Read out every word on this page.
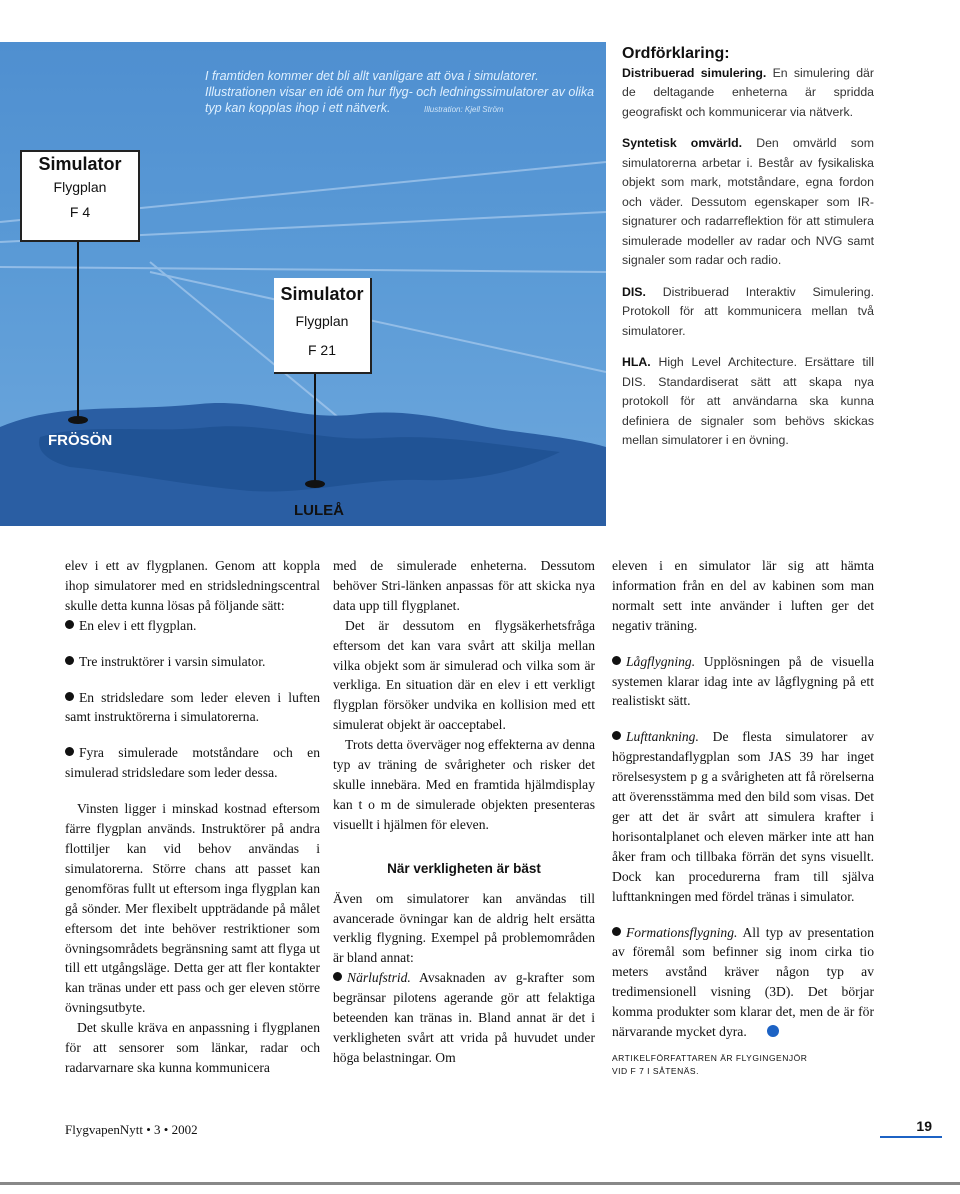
I framtiden kommer det bli allt vanligare att öva i simulatorer. Illustrationen visar en idé om hur flyg- och ledningssimulatorer av olika typ kan kopplas ihop i ett nätverk.	Illustration: Kjell Ström
Simulator
Flygplan
F 4
Simulator
Flygplan
F 21
FRÖSÖN
LULEÅ
Ordförklaring:

Distribuerad simulering. En simulering där de deltagande enheterna är spridda geografiskt och kommunicerar via nätverk.

Syntetisk omvärld. Den omvärld som simulatorerna arbetar i. Består av fysikaliska objekt som mark, motståndare, egna fordon och väder. Dessutom egenskaper som IR-signaturer och radarreflektion för att stimulera simulerade modeller av radar och NVG samt signaler som radar och radio.

DIS. Distribuerad Interaktiv Simulering. Protokoll för att kommunicera mellan två simulatorer.

HLA. High Level Architecture. Ersättare till DIS. Standardiserat sätt att skapa nya protokoll för att användarna ska kunna definiera de signaler som behövs skickas mellan simulatorer i en övning.

elev i ett av flygplanen. Genom att koppla ihop simulatorer med en stridsledningscentral skulle detta kunna lösas på följande sätt:

En elev i ett flygplan.

Tre instruktörer i varsin simulator.

En stridsledare som leder eleven i luften samt instruktörerna i simulatorerna.

Fyra simulerade motståndare och en simulerad stridsledare som leder dessa.

Vinsten ligger i minskad kostnad eftersom färre flygplan används. Instruktörer på andra flottiljer kan vid behov användas i simulatorerna. Större chans att passet kan genomföras fullt ut eftersom inga flygplan kan gå sönder. Mer flexibelt uppträdande på målet eftersom det inte behöver restriktioner som övningsområdets begränsning samt att flyga ut till ett utgångsläge. Detta ger att fler kontakter kan tränas under ett pass och ger eleven större övningsutbyte.

Det skulle kräva en anpassning i flygplanen för att sensorer som länkar, radar och radarvarnare ska kunna kommunicera

med de simulerade enheterna. Dessutom behöver Stri-länken anpassas för att skicka nya data upp till flygplanet.

Det är dessutom en flygsäkerhetsfråga eftersom det kan vara svårt att skilja mellan vilka objekt som är simulerad och vilka som är verkliga. En situation där en elev i ett verkligt flygplan försöker undvika en kollision med ett simulerat objekt är oacceptabel.

Trots detta överväger nog effekterna av denna typ av träning de svårigheter och risker det skulle innebära. Med en framtida hjälmdisplay kan t o m de simulerade objekten presenteras visuellt i hjälmen för eleven.

När verkligheten är bäst

Även om simulatorer kan användas till avancerade övningar kan de aldrig helt ersätta verklig flygning. Exempel på problemområden är bland annat:

Närlufstrid. Avsaknaden av g-krafter som begränsar pilotens agerande gör att felaktiga beteenden kan tränas in. Bland annat är det i verkligheten svårt att vrida på huvudet under höga belastningar. Om

eleven i en simulator lär sig att hämta information från en del av kabinen som man normalt sett inte använder i luften ger det negativ träning.

Lågflygning. Upplösningen på de visuella systemen klarar idag inte av lågflygning på ett realistiskt sätt.

Lufttankning. De flesta simulatorer av högprestandaflygplan som JAS 39 har inget rörelsesystem p g a svårigheten att få rörelserna att överensstämma med den bild som visas. Det ger att det är svårt att simulera krafter i horisontalplanet och eleven märker inte att han åker fram och tillbaka förrän det syns visuellt. Dock kan procedurerna fram till själva lufttankningen med fördel tränas i simulator.

Formationsflygning. All typ av presentation av föremål som befinner sig inom cirka tio meters avstånd kräver någon typ av tredimensionell visning (3D). Det börjar komma produkter som klarar det, men de är för närvarande mycket dyra.

ARTIKELFÖRFATTAREN ÄR FLYGINGENJÖR
VID F 7 I SÅTENÄS.
FlygvapenNytt • 3 • 2002	19
